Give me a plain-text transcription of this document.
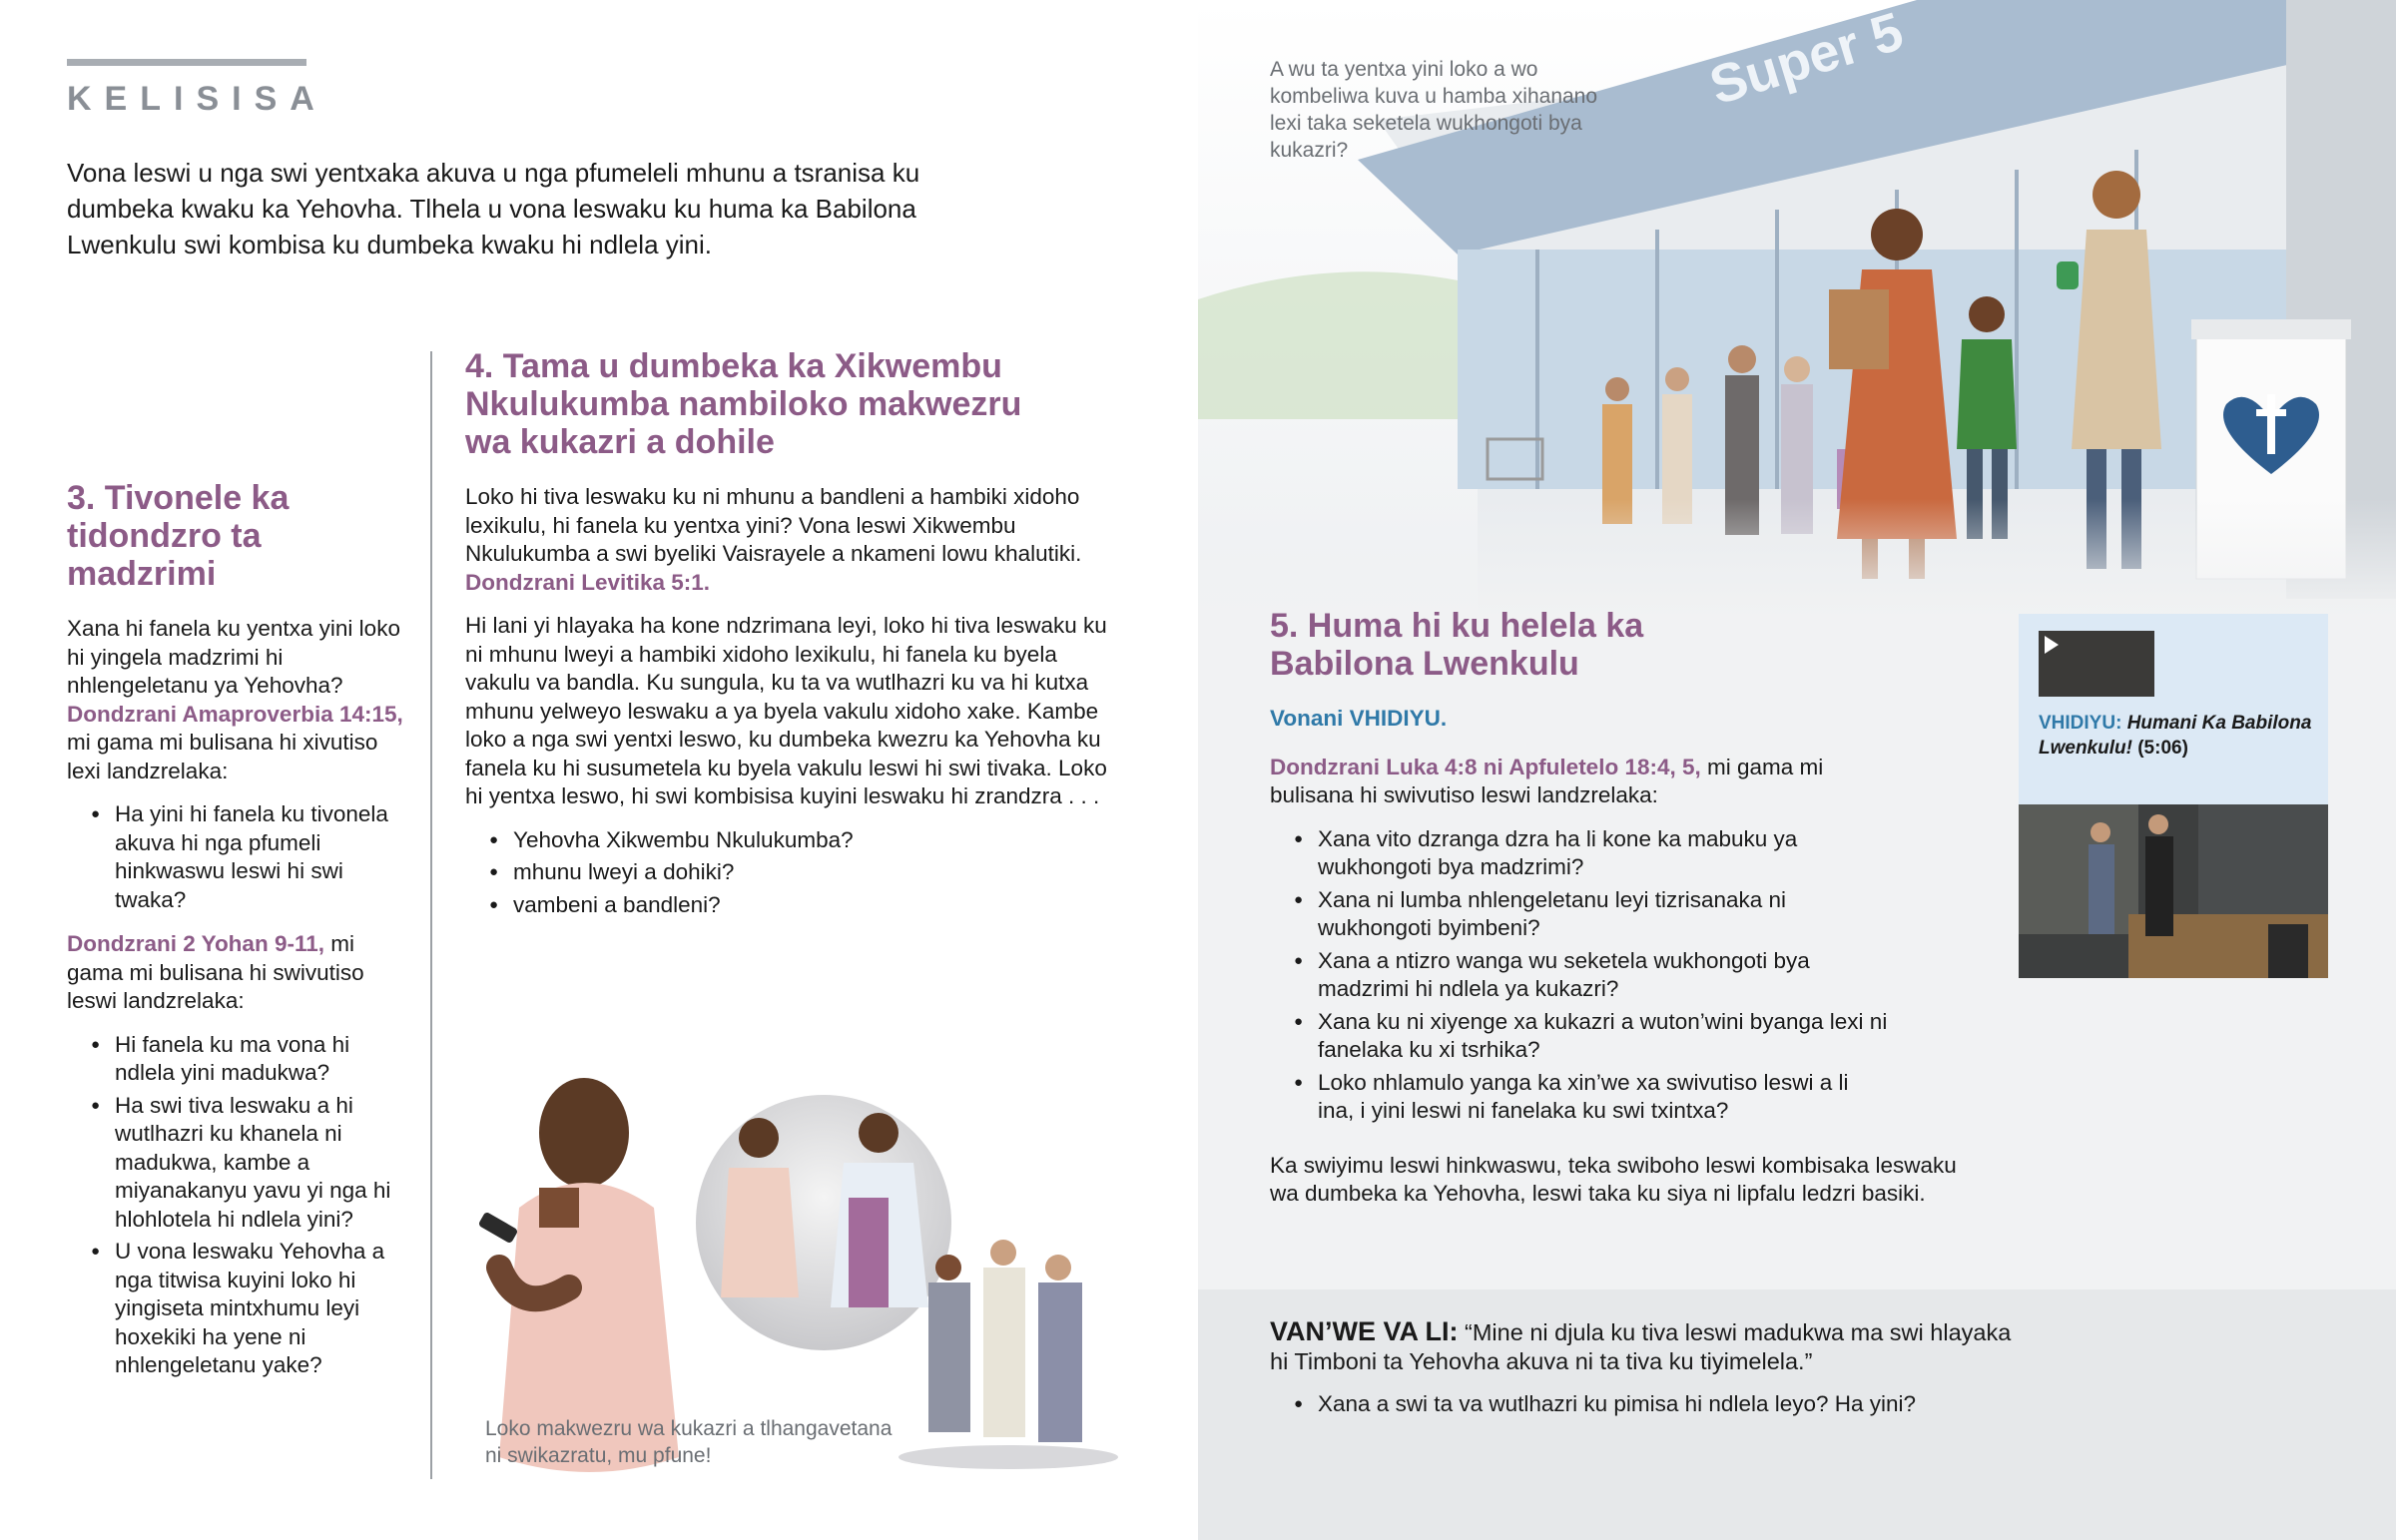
KELISISA
Vona leswi u nga swi yentxaka akuva u nga pfumeleli mhunu a tsranisa ku dumbeka kwaku ka Yehovha. Tlhela u vona leswaku ku huma ka Babilona Lwenkulu swi kombisa ku dumbeka kwaku hi ndlela yini.
3. Tivonele ka tidondzro ta madzrimi

Xana hi fanela ku yentxa yini loko hi yingela madzrimi hi nhlengeletanu ya Yehovha? Dondzrani Amaproverbia 14:15, mi gama mi bulisana hi xivutiso lexi landzrelaka:

● Ha yini hi fanela ku tivonela akuva hi nga pfumeli hinkwaswu leswi hi swi twaka?

Dondzrani 2 Yohan 9-11, mi gama mi bulisana hi swivutiso leswi landzrelaka:

● Hi fanela ku ma vona hi ndlela yini madukwa?
● Ha swi tiva leswaku a hi wutlhazri ku khanela ni madukwa, kambe a miyanakanyu yavu yi nga hi hlohlotela hi ndlela yini?
● U vona leswaku Yehovha a nga titwisa kuyini loko hi yingiseta mintxhumu leyi hoxekiki ha yene ni nhlengeletanu yake?
4. Tama u dumbeka ka Xikwembu Nkulukumba nambiloko makwezru wa kukazri a dohile

Loko hi tiva leswaku ku ni mhunu a bandleni a hambiki xidoho lexikulu, hi fanela ku yentxa yini? Vona leswi Xikwembu Nkulukumba a swi byeliki Vaisrayele a nkameni lowu khalutiki. Dondzrani Levitika 5:1.

Hi lani yi hlayaka ha kone ndzrimana leyi, loko hi tiva leswaku ku ni mhunu lweyi a hambiki xidoho lexikulu, hi fanela ku byela vakulu va bandla. Ku sungula, ku ta va wutlhazri ku va hi kutxa mhunu yelweyo leswaku a ya byela vakulu xidoho xake. Kambe loko a nga swi yentxi leswo, ku dumbeka kwezru ka Yehovha ku fanela ku hi susumetela ku byela vakulu leswi hi swi tivaka. Loko hi yentxa leswo, hi swi kombisisa kuyini leswaku hi zrandzra . . .

● Yehovha Xikwembu Nkulukumba?
● mhunu lweyi a dohiki?
● vambeni a bandleni?
Loko makwezru wa kukazri a tlhangavetana ni swikazratu, mu pfune!
Super 5
A wu ta yentxa yini loko a wo kombeliwa kuva u hamba xihanano lexi taka seketela wukhongoti bya kukazri?
5. Huma hi ku helela ka Babilona Lwenkulu

Vonani VHIDIYU.

Dondzrani Luka 4:8 ni Apfuletelo 18:4, 5, mi gama mi bulisana hi swivutiso leswi landzrelaka:

● Xana vito dzranga dzra ha li kone ka mabuku ya wukhongoti bya madzrimi?
● Xana ni lumba nhlengeletanu leyi tizrisanaka ni wukhongoti byimbeni?
● Xana a ntizro wanga wu seketela wukhongoti bya madzrimi hi ndlela ya kukazri?
● Xana ku ni xiyenge xa kukazri a wuton’wini byanga lexi ni fanelaka ku xi tsrhika?
● Loko nhlamulo yanga ka xin’we xa swivutiso leswi a li ina, i yini leswi ni fanelaka ku swi txintxa?

Ka swiyimu leswi hinkwaswu, teka swiboho leswi kombisaka leswaku wa dumbeka ka Yehovha, leswi taka ku siya ni lipfalu ledzri basiki.

VHIDIYU: Humani Ka Babilona Lwenkulu! (5:06)

VAN’WE VA LI: “Mine ni djula ku tiva leswi madukwa ma swi hlayaka hi Timboni ta Yehovha akuva ni ta tiva ku tiyimelela.”

● Xana a swi ta va wutlhazri ku pimisa hi ndlela leyo? Ha yini?
